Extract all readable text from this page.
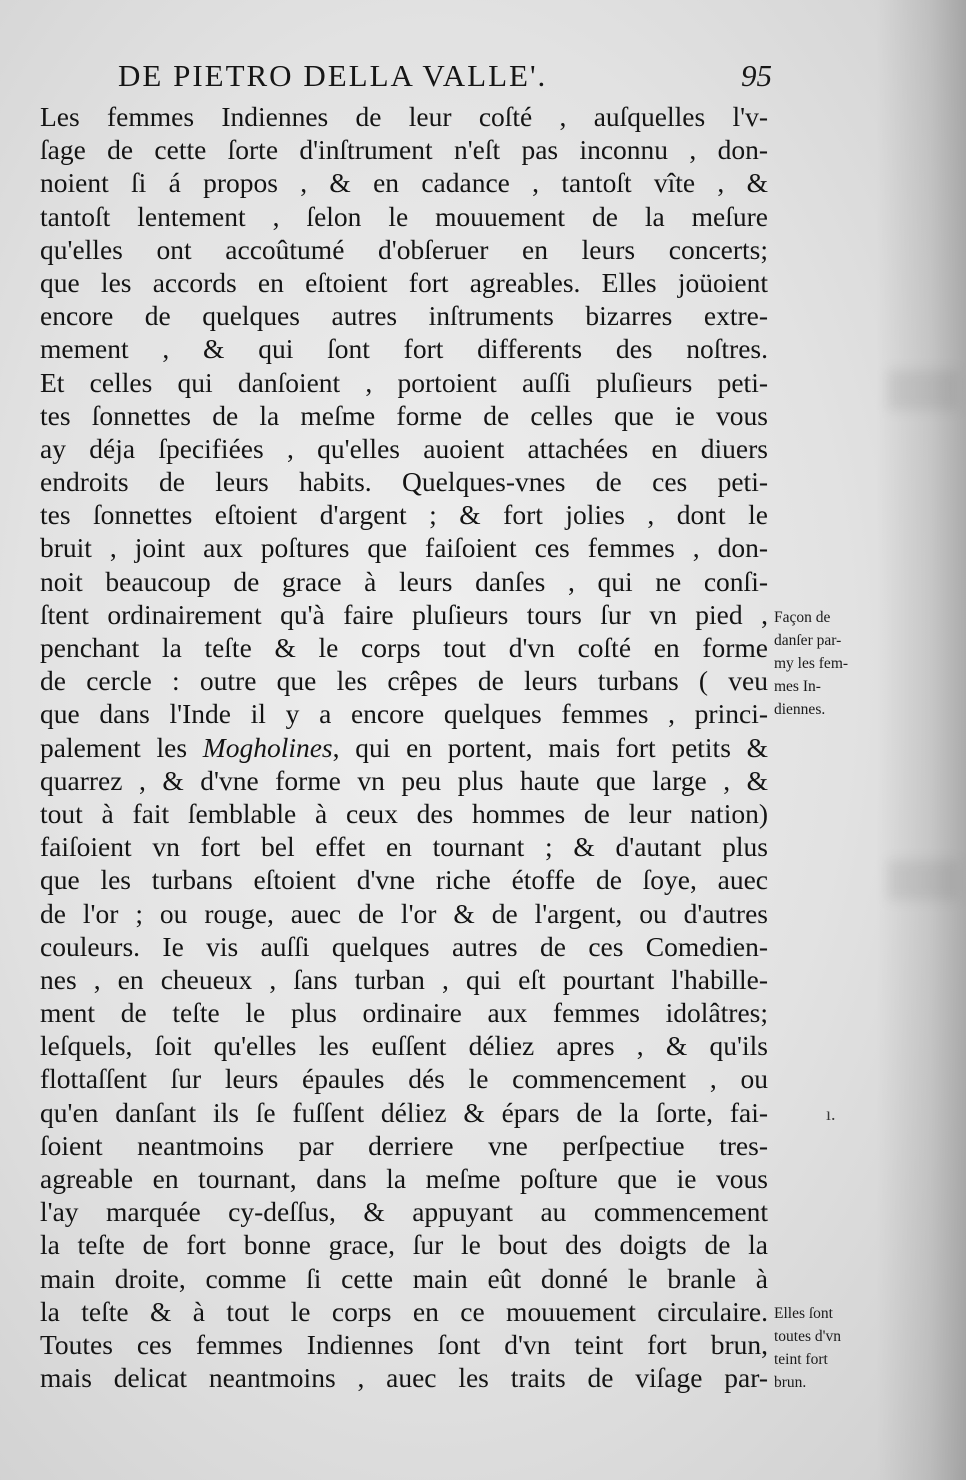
DE PIETRO DELLA VALLE'.	95
Les femmes Indiennes de leur coſté , auſquelles l'v-
ſage de cette ſorte d'inſtrument n'eſt pas inconnu , don-
noient ſi á propos , & en cadance , tantoſt vîte , &
tantoſt lentement , ſelon le mouuement de la meſure
qu'elles ont accoûtumé d'obſeruer en leurs concerts;
que les accords en eſtoient fort agreables. Elles joüoient
encore de quelques autres inſtruments bizarres extre-
mement , & qui ſont fort differents des noſtres.
Et celles qui danſoient , portoient auſſi pluſieurs peti-
tes ſonnettes de la meſme forme de celles que ie vous
ay déja ſpecifiées , qu'elles auoient attachées en diuers
endroits de leurs habits. Quelques-vnes de ces peti-
tes ſonnettes eſtoient d'argent ; & fort jolies , dont le
bruit , joint aux poſtures que faiſoient ces femmes , don-
noit beaucoup de grace à leurs danſes , qui ne conſi-
ſtent ordinairement qu'à faire pluſieurs tours ſur vn pied ,
penchant la teſte & le corps tout d'vn coſté en forme
de cercle : outre que les crêpes de leurs turbans ( veu
que dans l'Inde il y a encore quelques femmes , princi-
palement les Mogholines, qui en portent, mais fort petits &
quarrez , & d'vne forme vn peu plus haute que large , &
tout à fait ſemblable à ceux des hommes de leur nation)
faiſoient vn fort bel effet en tournant ; & d'autant plus
que les turbans eſtoient d'vne riche étoffe de ſoye, auec
de l'or ; ou rouge, auec de l'or & de l'argent, ou d'autres
couleurs. Ie vis auſſi quelques autres de ces Comedien-
nes , en cheueux , ſans turban , qui eſt pourtant l'habille-
ment de teſte le plus ordinaire aux femmes idolâtres;
leſquels, ſoit qu'elles les euſſent déliez apres , & qu'ils
flottaſſent ſur leurs épaules dés le commencement , ou
qu'en danſant ils ſe fuſſent déliez & épars de la ſorte, fai-
ſoient neantmoins par derriere vne perſpectiue tres-
agreable en tournant, dans la meſme poſture que ie vous
l'ay marquée cy-deſſus, & appuyant au commencement
la teſte de fort bonne grace, ſur le bout des doigts de la
main droite, comme ſi cette main eût donné le branle à
la teſte & à tout le corps en ce mouuement circulaire.
Toutes ces femmes Indiennes ſont d'vn teint fort brun,
mais delicat neantmoins , auec les traits de viſage par-
Façon de
danſer par-
my les fem-
mes In-
diennes.
Elles ſont
toutes d'vn
teint fort
brun.
ı.
